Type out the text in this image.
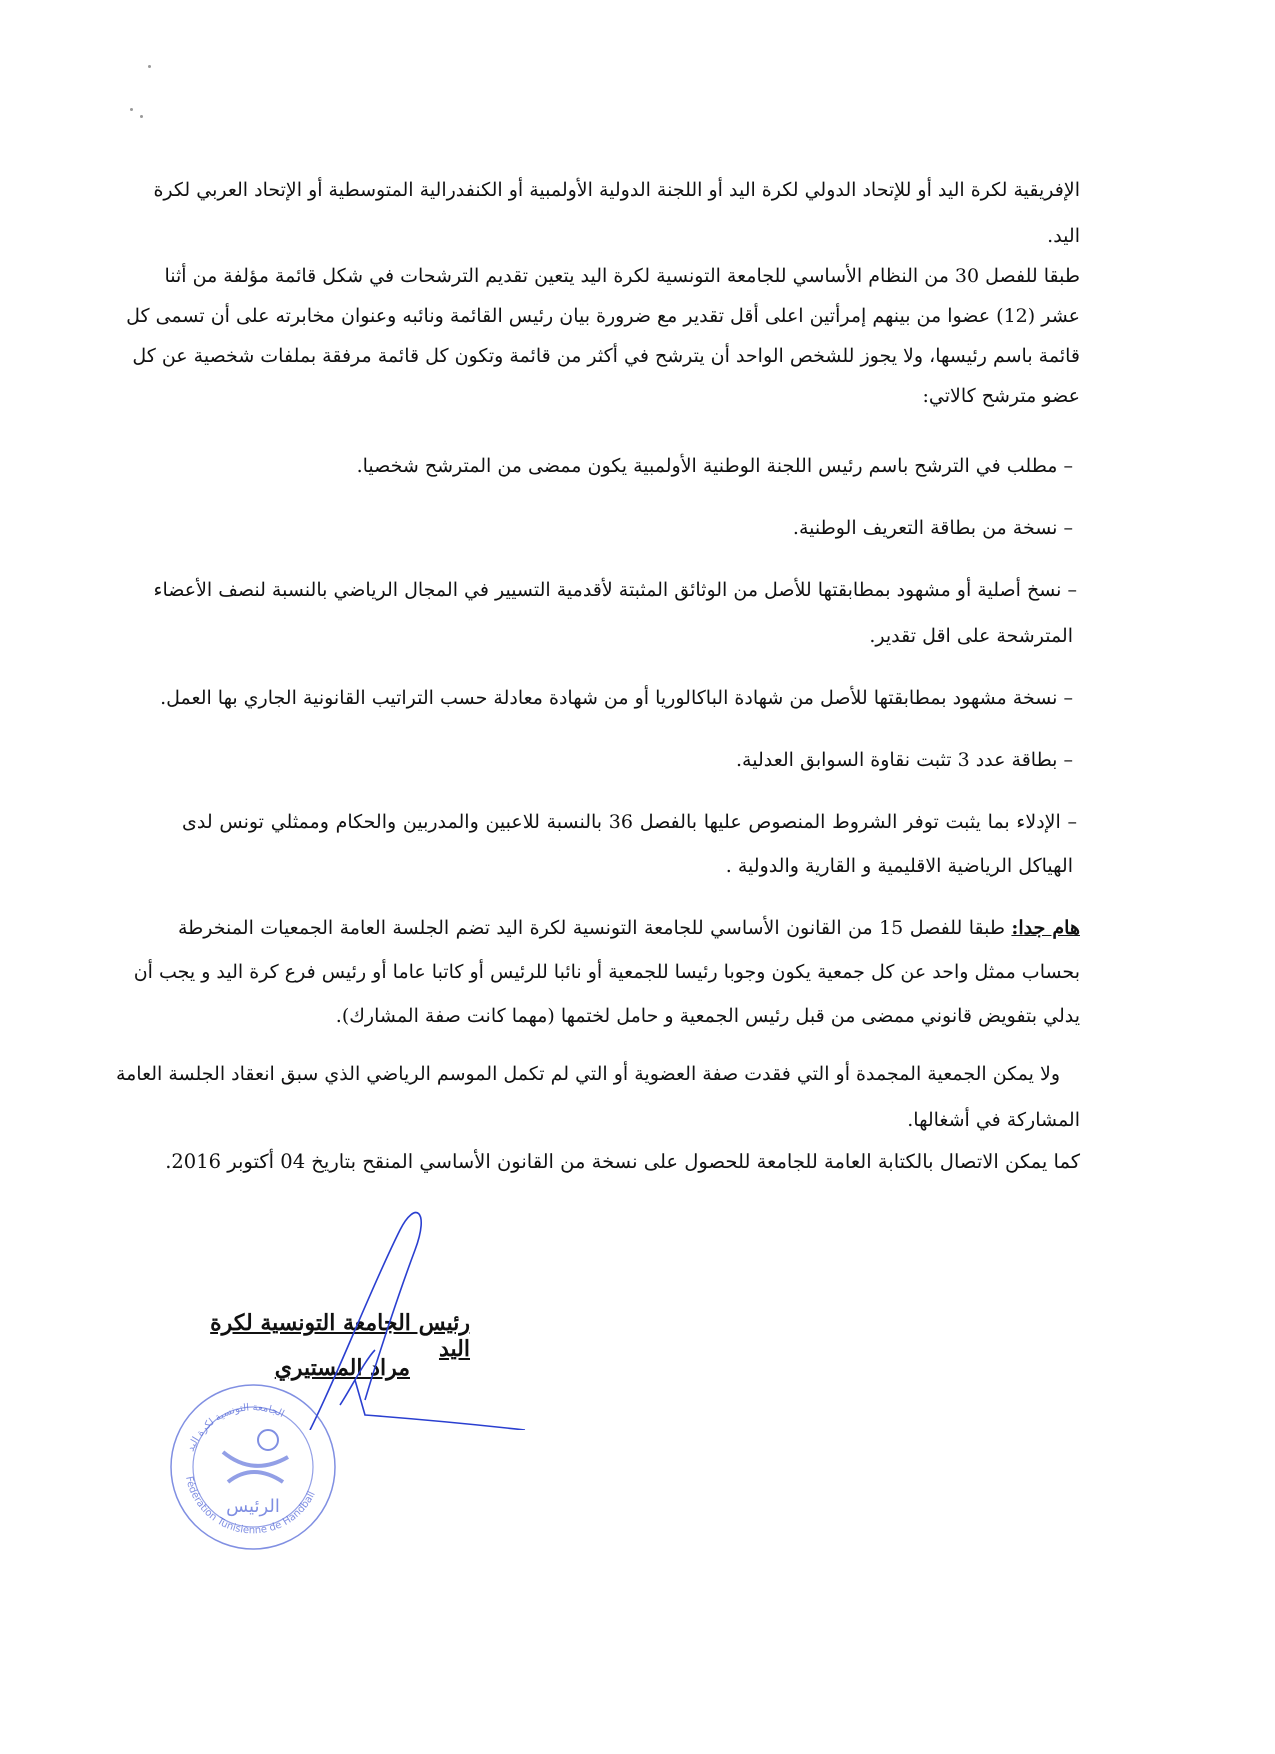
الإفريقية لكرة اليد أو للإتحاد الدولي لكرة اليد أو اللجنة الدولية الأولمبية أو الكنفدرالية المتوسطية أو الإتحاد العربي لكرة
اليد.
طبقا للفصل 30 من النظام الأساسي للجامعة التونسية لكرة اليد يتعين تقديم الترشحات في شكل قائمة مؤلفة من أثنا
عشر (12) عضوا من بينهم إمرأتين اعلى أقل تقدير مع ضرورة بيان رئيس القائمة ونائبه وعنوان مخابرته على أن تسمى كل
قائمة باسم رئيسها، ولا يجوز للشخص الواحد أن يترشح في أكثر من قائمة وتكون كل قائمة مرفقة بملفات شخصية عن كل
عضو مترشح كالاتي:
– مطلب في الترشح باسم رئيس اللجنة الوطنية الأولمبية يكون ممضى من المترشح شخصيا.
– نسخة من بطاقة التعريف الوطنية.
– نسخ أصلية أو مشهود بمطابقتها للأصل من الوثائق المثبتة لأقدمية التسيير في المجال الرياضي بالنسبة لنصف الأعضاء
المترشحة على اقل تقدير.
– نسخة مشهود بمطابقتها للأصل من شهادة الباكالوريا أو من شهادة معادلة حسب التراتيب القانونية الجاري بها العمل.
– بطاقة عدد 3 تثبت نقاوة السوابق العدلية.
– الإدلاء بما يثبت توفر الشروط المنصوص عليها بالفصل 36 بالنسبة للاعبين والمدربين والحكام وممثلي تونس لدى
الهياكل الرياضية الاقليمية و القارية والدولية .
هام جدا: طبقا للفصل 15 من القانون الأساسي للجامعة التونسية لكرة اليد تضم الجلسة العامة الجمعيات المنخرطة
بحساب ممثل واحد عن كل جمعية يكون وجوبا رئيسا للجمعية أو نائبا للرئيس أو كاتبا عاما أو رئيس فرع كرة اليد و يجب أن
يدلي بتفويض قانوني ممضى من قبل رئيس الجمعية و حامل لختمها (مهما كانت صفة المشارك).
ولا يمكن الجمعية المجمدة أو التي فقدت صفة العضوية أو التي لم تكمل الموسم الرياضي الذي سبق انعقاد الجلسة العامة
المشاركة في أشغالها.
كما يمكن الاتصال بالكتابة العامة للجامعة للحصول على نسخة من القانون الأساسي المنقح بتاريخ 04 أكتوبر 2016.
رئيس الجامعة التونسية لكرة اليد
مراد المستيري
الرئيس
Fédération Tunisienne de Handball
الجامعة التونسية لكرة اليد
